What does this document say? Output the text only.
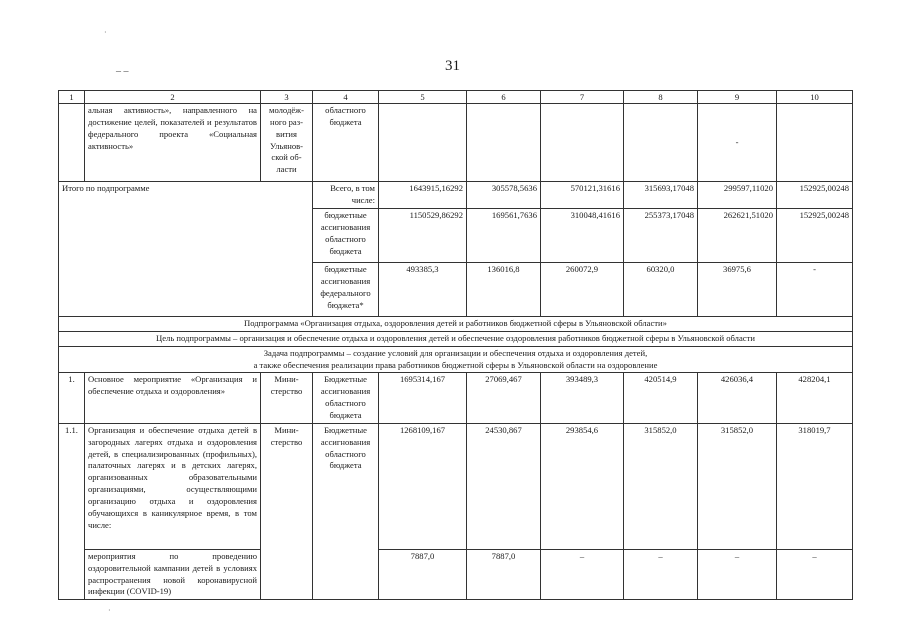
31
– –
·
·
1	2	3	4	5	6	7	8	9	10
	альная активность», направленного на достижение целей, показателей и результатов федерального проекта «Социальная активность»	молодёж-ного раз-вития Ульянов-ской об-ласти	областного бюджета					-	
Итого по подпрограмме			Всего, в том числе:	1643915,16292	305578,5636	570121,31616	315693,17048	299597,11020	152925,00248
			бюджетные ассигнования областного бюджета	1150529,86292	169561,7636	310048,41616	255373,17048	262621,51020	152925,00248
			бюджетные ассигнования федерального бюджета*	493385,3	136016,8	260072,9	60320,0	36975,6	-
Подпрограмма «Организация отдыха, оздоровления детей и работников бюджетной сферы в Ульяновской области»									
Цель подпрограммы – организация и обеспечение отдыха и оздоровления детей и обеспечение оздоровления работников бюджетной сферы в Ульяновской области									
Задача подпрограммы – создание условий для организации и обеспечения отдыха и оздоровления детей,
а также обеспечения реализации права работников бюджетной сферы в Ульяновской области на оздоровление									
1.	Основное мероприятие «Организация и обеспечение отдыха и оздоровления»	Мини-стерство	Бюджетные ассигнования областного бюджета	1695314,167	27069,467	393489,3	420514,9	426036,4	428204,1
1.1.	Организация и обеспечение отдыха детей в загородных лагерях отдыха и оздоровления детей, в специализированных (профильных), палаточных лагерях и в детских лагерях, организованных образовательными организациями, осуществляющими организацию отдыха и оздоровления обучающихся в каникулярное время, в том числе:	Мини-стерство	Бюджетные ассигнования областного бюджета	1268109,167	24530,867	293854,6	315852,0	315852,0	318019,7
	мероприятия по проведению оздоровительной кампании детей в условиях распространения новой коронавирусной инфекции (COVID-19)			7887,0	7887,0	–	–	–	–
